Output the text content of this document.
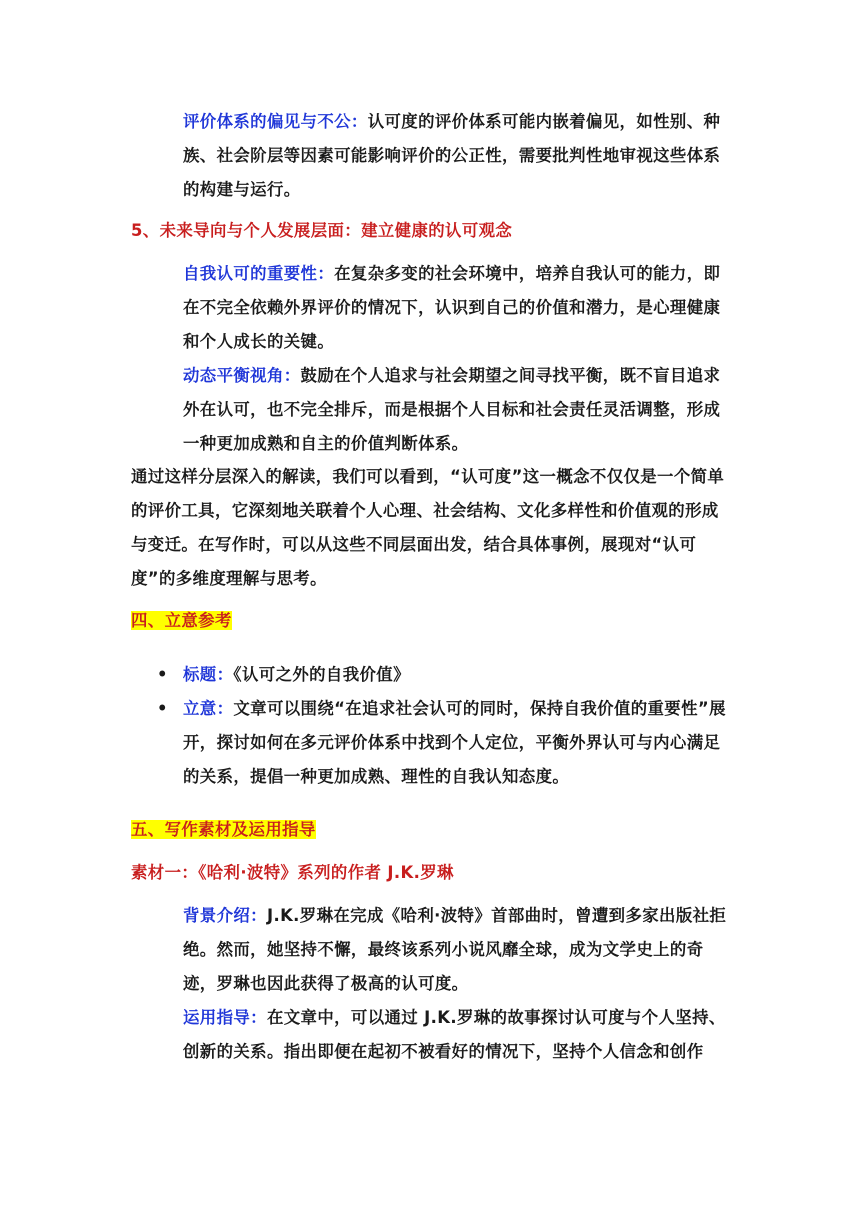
评价体系的偏见与不公：认可度的评价体系可能内嵌着偏见，如性别、种族、社会阶层等因素可能影响评价的公正性，需要批判性地审视这些体系的构建与运行。
5、未来导向与个人发展层面：建立健康的认可观念
自我认可的重要性：在复杂多变的社会环境中，培养自我认可的能力，即在不完全依赖外界评价的情况下，认识到自己的价值和潜力，是心理健康和个人成长的关键。
动态平衡视角：鼓励在个人追求与社会期望之间寻找平衡，既不盲目追求外在认可，也不完全排斥，而是根据个人目标和社会责任灵活调整，形成一种更加成熟和自主的价值判断体系。
通过这样分层深入的解读，我们可以看到，“认可度”这一概念不仅仅是一个简单的评价工具，它深刻地关联着个人心理、社会结构、文化多样性和价值观的形成与变迁。在写作时，可以从这些不同层面出发，结合具体事例，展现对“认可度”的多维度理解与思考。
四、立意参考
• 标题：《认可之外的自我价值》
• 立意：文章可以围绕“在追求社会认可的同时，保持自我价值的重要性”展开，探讨如何在多元评价体系中找到个人定位，平衡外界认可与内心满足的关系，提倡一种更加成熟、理性的自我认知态度。
五、写作素材及运用指导
素材一：《哈利·波特》系列的作者 J.K.罗琳
背景介绍：J.K.罗琳在完成《哈利·波特》首部曲时，曾遭到多家出版社拒绝。然而，她坚持不懈，最终该系列小说风靡全球，成为文学史上的奇迹，罗琳也因此获得了极高的认可度。
运用指导：在文章中，可以通过 J.K.罗琳的故事探讨认可度与个人坚持、创新的关系。指出即便在起初不被看好的情况下，坚持个人信念和创作
